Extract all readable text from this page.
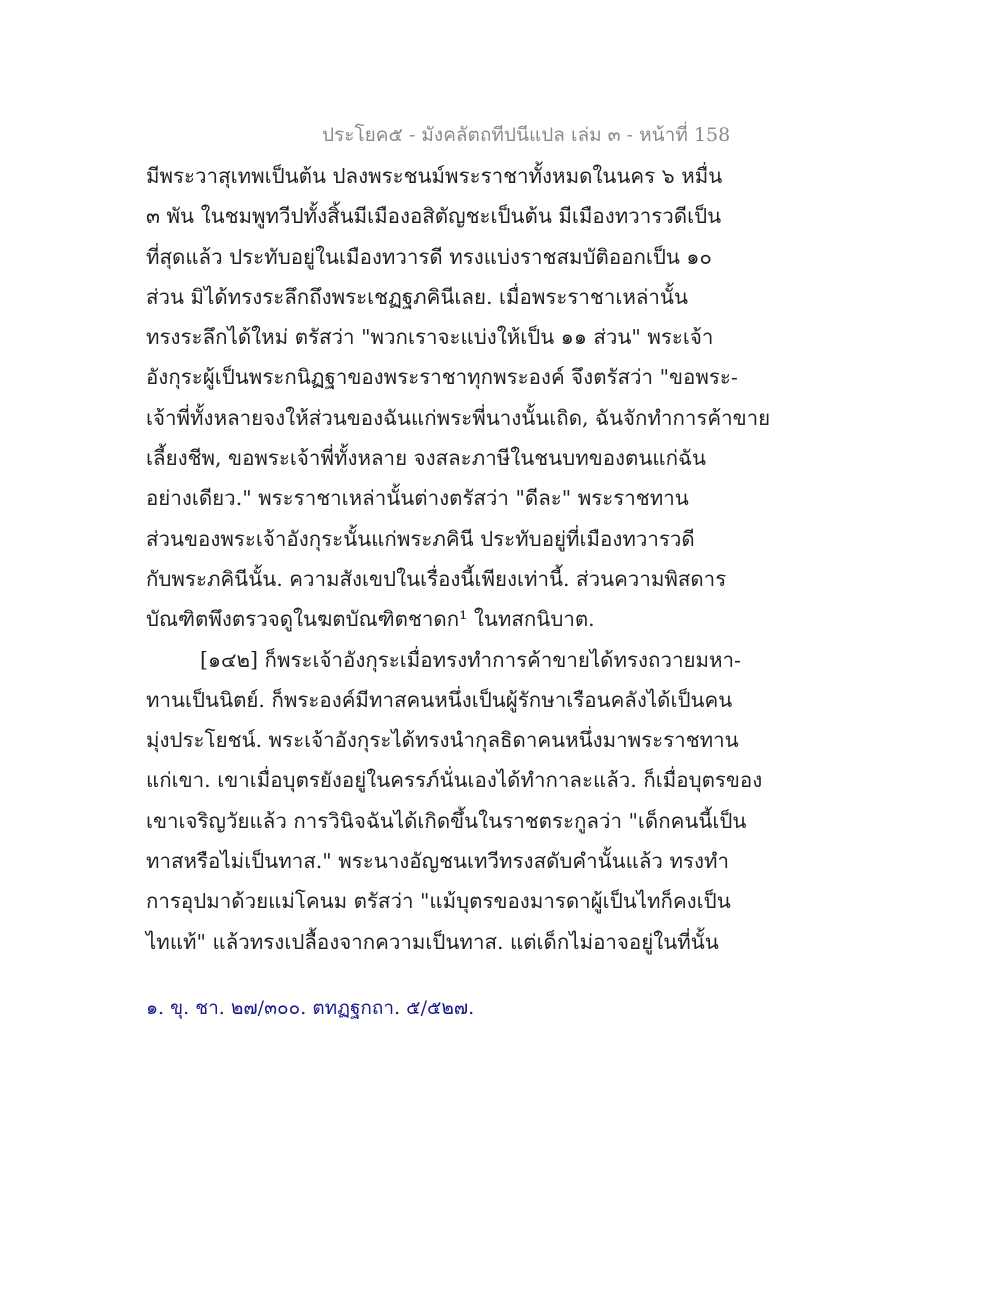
ประโยค๕ - มังคลัตถทีปนีแปล เล่ม ๓ - หน้าที่ 158
มีพระวาสุเทพเป็นต้น ปลงพระชนม์พระราชาทั้งหมดในนคร ๖ หมื่น
๓ พัน ในชมพูทวีปทั้งสิ้นมีเมืองอสิตัญชะเป็นต้น มีเมืองทวารวดีเป็น
ที่สุดแล้ว ประทับอยู่ในเมืองทวารดี ทรงแบ่งราชสมบัติออกเป็น ๑๐
ส่วน มิได้ทรงระลึกถึงพระเชฏฐภคินีเลย. เมื่อพระราชาเหล่านั้น
ทรงระลึกได้ใหม่ ตรัสว่า "พวกเราจะแบ่งให้เป็น ๑๑ ส่วน" พระเจ้า
อังกุระผู้เป็นพระกนิฏฐาของพระราชาทุกพระองค์ จึงตรัสว่า "ขอพระ-
เจ้าพี่ทั้งหลายจงให้ส่วนของฉันแก่พระพี่นางนั้นเถิด, ฉันจักทำการค้าขาย
เลี้ยงชีพ, ขอพระเจ้าพี่ทั้งหลาย จงสละภาษีในชนบทของตนแก่ฉัน
อย่างเดียว." พระราชาเหล่านั้นต่างตรัสว่า "ดีละ" พระราชทาน
ส่วนของพระเจ้าอังกุระนั้นแก่พระภคินี ประทับอยู่ที่เมืองทวารวดี
กับพระภคินีนั้น. ความสังเขปในเรื่องนี้เพียงเท่านี้. ส่วนความพิสดาร
บัณฑิตพึงตรวจดูในฆตบัณฑิตชาดก¹ ในทสกนิบาต.
[๑๔๒] ก็พระเจ้าอังกุระเมื่อทรงทำการค้าขายได้ทรงถวายมหา-
ทานเป็นนิตย์. ก็พระองค์มีทาสคนหนึ่งเป็นผู้รักษาเรือนคลังได้เป็นคน
มุ่งประโยชน์. พระเจ้าอังกุระได้ทรงนำกุลธิดาคนหนึ่งมาพระราชทาน
แก่เขา. เขาเมื่อบุตรยังอยู่ในครรภ์นั่นเองได้ทำกาละแล้ว. ก็เมื่อบุตรของ
เขาเจริญวัยแล้ว การวินิจฉันได้เกิดขึ้นในราชตระกูลว่า "เด็กคนนี้เป็น
ทาสหรือไม่เป็นทาส." พระนางอัญชนเทวีทรงสดับคำนั้นแล้ว ทรงทำ
การอุปมาด้วยแม่โคนม ตรัสว่า "แม้บุตรของมารดาผู้เป็นไทก็คงเป็น
ไทแท้" แล้วทรงเปลื้องจากความเป็นทาส. แต่เด็กไม่อาจอยู่ในที่นั้น
๑. ขุ. ชา. ๒๗/๓๐๐. ตทฏฐกถา. ๕/๕๒๗.
